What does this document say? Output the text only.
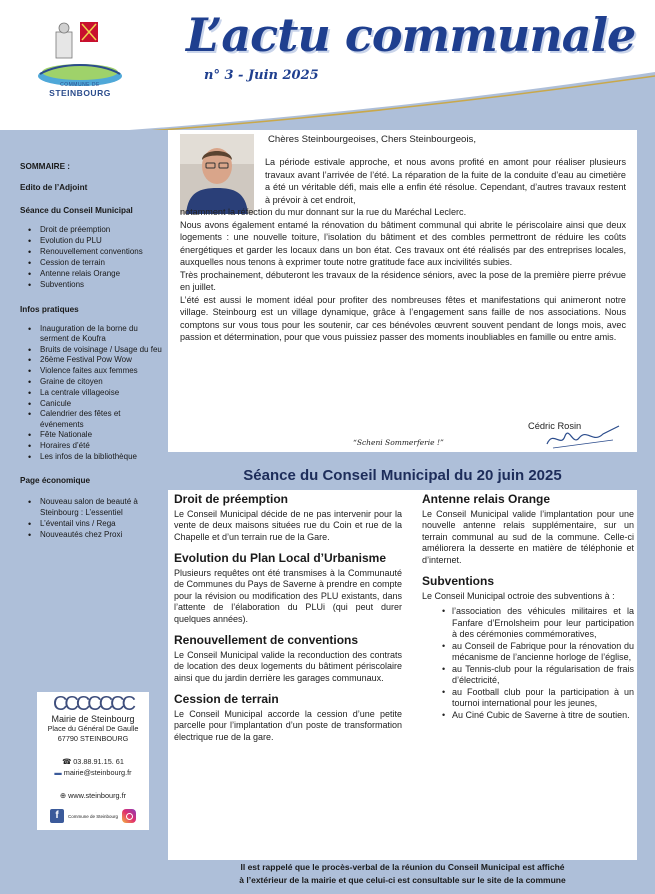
COMMUNE DE
STEINBOURG
L’actu communale
n° 3 - Juin 2025
SOMMAIRE :
Edito de l’Adjoint
Séance du Conseil Municipal
• Droit de préemption
• Evolution du PLU
• Renouvellement conventions
• Cession de terrain
• Antenne relais Orange
• Subventions
Infos pratiques
• Inauguration de la borne du serment de Koufra
• Bruits de voisinage / Usage du feu
• 26ème Festival Pow Wow
• Violence faites aux femmes
• Graine de citoyen
• La centrale villageoise
• Canicule
• Calendrier des fêtes et événements
• Fête Nationale
• Horaires d’été
• Les infos de la bibliothèque
Page économique
• Nouveau salon de beauté à Steinbourg : L’essentiel
• L’éventail vins / Rega
• Nouveautés chez Proxi
ССССССС
Mairie de Steinbourg
Place du Général De Gaulle
67790 STEINBOURG
☎ 03.88.91.15. 61
▬ mairie@steinbourg.fr
⊕ www.steinbourg.fr
f	Commune de Steinbourg
Chères Steinbourgeoises, Chers Steinbourgeois,

La période estivale approche, et nous avons profité en amont pour réaliser plusieurs travaux avant l’arrivée de l’été. La réparation de la fuite de la conduite d’eau au cimetière a été un véritable défi, mais elle a enfin été résolue. Cependant, d’autres travaux restent à prévoir à cet endroit,

notamment la réfection du mur donnant sur la rue du Maréchal Leclerc.

Nous avons également entamé la rénovation du bâtiment communal qui abrite le périscolaire ainsi que deux logements : une nouvelle toiture, l’isolation du bâtiment et des combles permettront de réduire les coûts énergétiques et garder les locaux dans un bon état. Ces travaux ont été réalisés par des entreprises locales, auxquelles nous tenons à exprimer toute notre gratitude face aux incivilités subies.

Très prochainement, débuteront les travaux de la résidence séniors, avec la pose de la première pierre prévue en juillet.

L’été est aussi le moment idéal pour profiter des nombreuses fêtes et manifestations qui animeront notre village. Steinbourg est un village dynamique, grâce à l’engagement sans faille de nos associations. Nous comptons sur vous tous pour les soutenir, car ces bénévoles œuvrent souvent pendant de longs mois, avec passion et détermination, pour que vous puissiez passer des moments inoubliables en famille ou entre amis.

Cédric Rosin
“Scheni Sommerferie !”
Séance du Conseil Municipal du 20 juin 2025
Droit de préemption

Le Conseil Municipal décide de ne pas intervenir pour la vente de deux maisons situées rue du Coin et rue de la Chapelle et d’un terrain rue de la Gare.

Evolution du Plan Local d’Urbanisme

Plusieurs requêtes ont été transmises à la Communauté de Communes du Pays de Saverne à prendre en compte pour la révision ou modification des PLU existants, dans l’attente de l’élaboration du PLUi (qui peut durer quelques années).

Renouvellement de conventions

Le Conseil Municipal valide la reconduction des contrats de location des deux logements du bâtiment périscolaire ainsi que du jardin derrière les garages communaux.

Cession de terrain

Le Conseil Municipal accorde la cession d’une petite parcelle pour l’implantation d’un poste de transformation électrique rue de la gare.

Antenne relais Orange

Le Conseil Municipal valide l’implantation pour une nouvelle antenne relais supplémentaire, sur un terrain communal au sud de la commune. Celle-ci améliorera la desserte en matière de téléphonie et d’internet.

Subventions

Le Conseil Municipal octroie des subventions à :

• l’association des véhicules militaires et la Fanfare d’Ernolsheim pour leur participation à des cérémonies commémoratives,
• au Conseil de Fabrique pour la rénovation du mécanisme de l’ancienne horloge de l’église,
• au Tennis-club pour la régularisation de frais d’électricité,
• au Football club pour la participation à un tournoi international pour les jeunes,
• Au Ciné Cubic de Saverne à titre de soutien.
Il est rappelé que le procès-verbal de la réunion du Conseil Municipal est affiché
à l’extérieur de la mairie et que celui-ci est consultable sur le site de la commune
